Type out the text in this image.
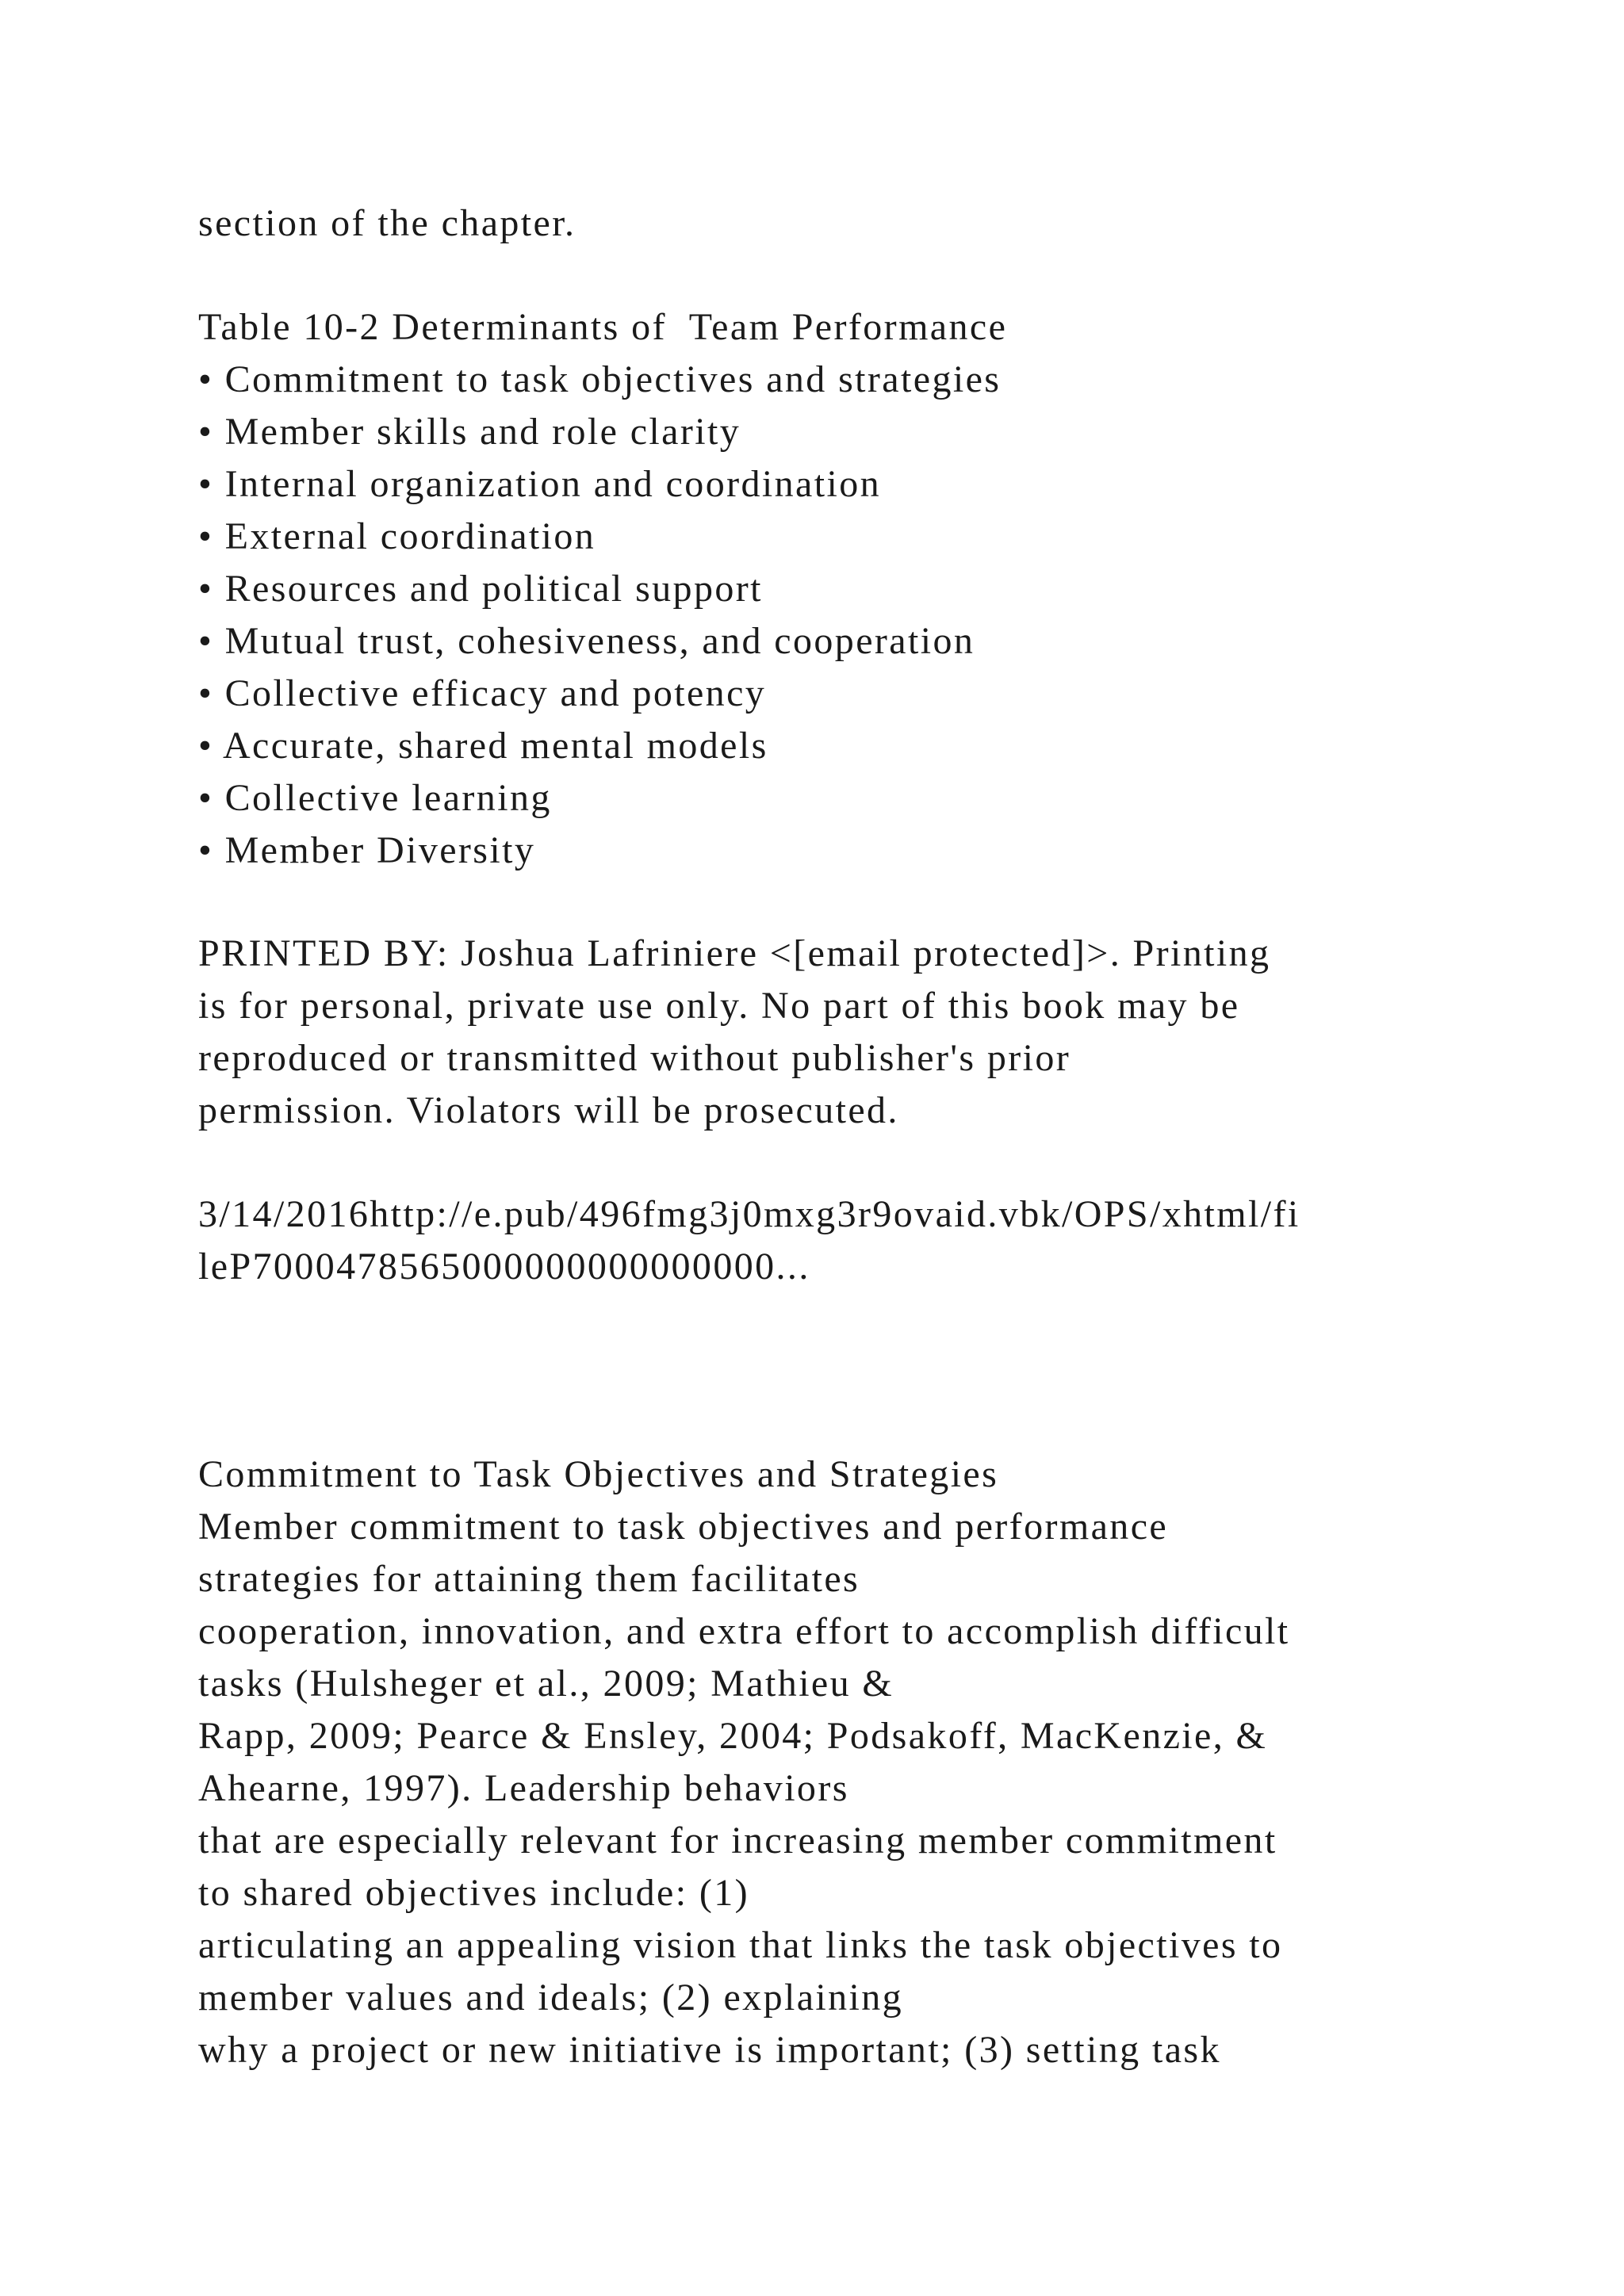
section of the chapter.
Table 10-2 Determinants of  Team Performance
• Commitment to task objectives and strategies
• Member skills and role clarity
• Internal organization and coordination
• External coordination
• Resources and political support
• Mutual trust, cohesiveness, and cooperation
• Collective efficacy and potency
• Accurate, shared mental models
• Collective learning
• Member Diversity
PRINTED BY: Joshua Lafriniere <[email protected]>. Printing
is for personal, private use only. No part of this book may be
reproduced or transmitted without publisher's prior
permission. Violators will be prosecuted.
3/14/2016http://e.pub/496fmg3j0mxg3r9ovaid.vbk/OPS/xhtml/fi
leP7000478565000000000000000...
Commitment to Task Objectives and Strategies
Member commitment to task objectives and performance
strategies for attaining them facilitates
cooperation, innovation, and extra effort to accomplish difficult
tasks (Hulsheger et al., 2009; Mathieu &
Rapp, 2009; Pearce & Ensley, 2004; Podsakoff, MacKenzie, &
Ahearne, 1997). Leadership behaviors
that are especially relevant for increasing member commitment
to shared objectives include: (1)
articulating an appealing vision that links the task objectives to
member values and ideals; (2) explaining
why a project or new initiative is important; (3) setting task
